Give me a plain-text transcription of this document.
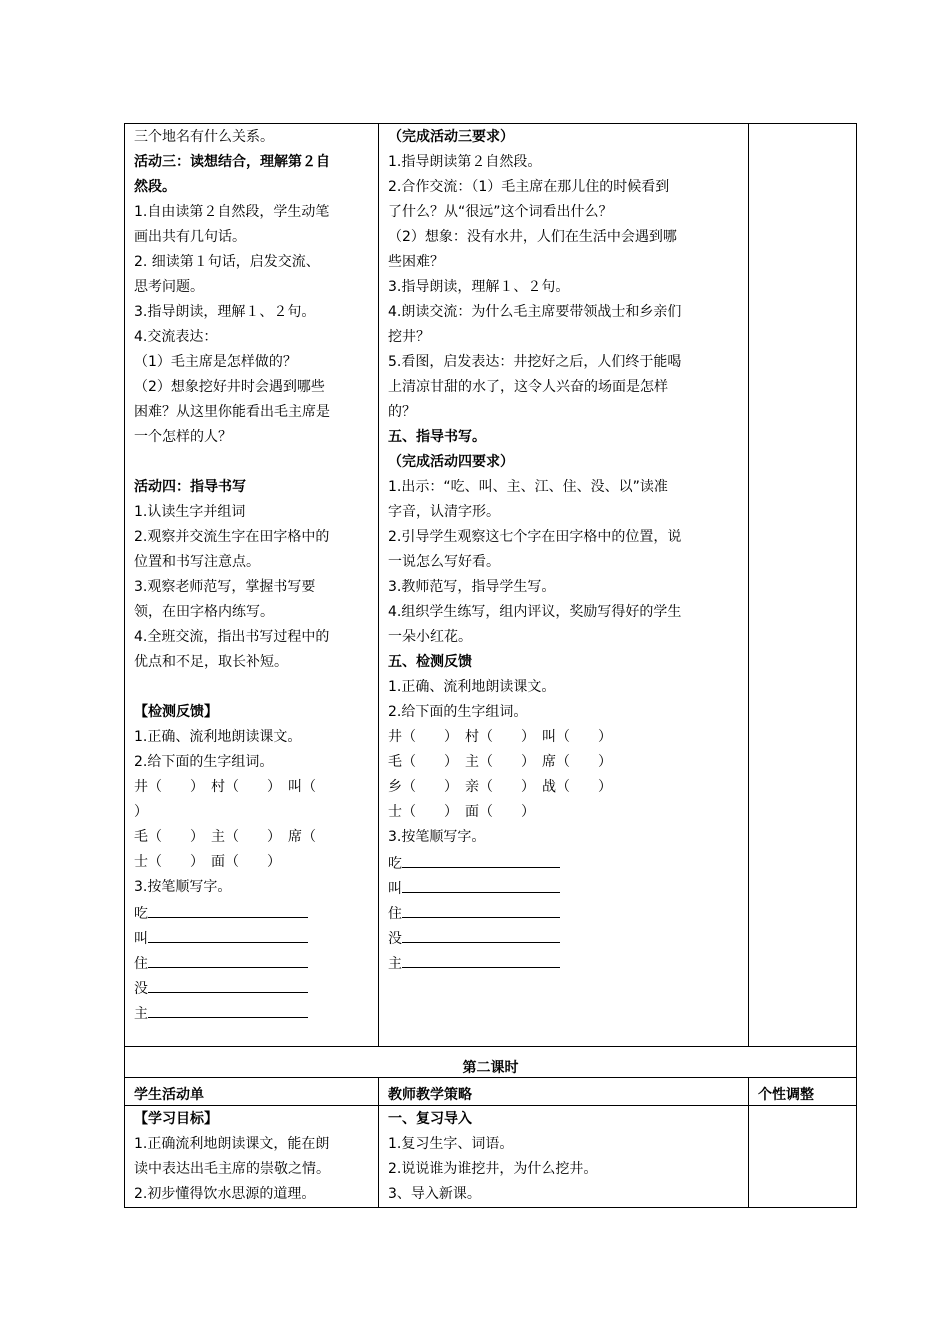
三个地名有什么关系。
活动三：读想结合，理解第２自
然段。
1.自由读第２自然段，学生动笔
画出共有几句话。
2. 细读第１句话，启发交流、
思考问题。
3.指导朗读，理解１、２句。
4.交流表达：
（1）毛主席是怎样做的？
（2）想象挖好井时会遇到哪些
困难？从这里你能看出毛主席是
一个怎样的人？
活动四：指导书写
1.认读生字并组词
2.观察并交流生字在田字格中的
位置和书写注意点。
3.观察老师范写，掌握书写要
领，在田字格内练写。
4.全班交流，指出书写过程中的
优点和不足，取长补短。
【检测反馈】
1.正确、流利地朗读课文。
2.给下面的生字组词。
井（　　）　村（　　）　叫（
）
毛（　　）　主（　　）　席（
士（　　）　面（　　）
3.按笔顺写字。
吃
叫
住
没
主
（完成活动三要求）
1.指导朗读第２自然段。
2.合作交流：（1）毛主席在那儿住的时候看到
了什么？从“很远”这个词看出什么？
（2）想象：没有水井，人们在生活中会遇到哪
些困难？
3.指导朗读，理解１、２句。
4.朗读交流：为什么毛主席要带领战士和乡亲们
挖井？
5.看图，启发表达：井挖好之后，人们终于能喝
上清凉甘甜的水了，这令人兴奋的场面是怎样
的？
五、指导书写。
（完成活动四要求）
1.出示：“吃、叫、主、江、住、没、以”读准
字音，认清字形。
2.引导学生观察这七个字在田字格中的位置，说
一说怎么写好看。
3.教师范写，指导学生写。
4.组织学生练写，组内评议，奖励写得好的学生
一朵小红花。
五、检测反馈
1.正确、流利地朗读课文。
2.给下面的生字组词。
井（　　）　村（　　）　叫（　　）
毛（　　）　主（　　）　席（　　）
乡（　　）　亲（　　）　战（　　）
士（　　）　面（　　）
3.按笔顺写字。
吃
叫
住
没
主
第二课时
学生活动单	教师教学策略	个性调整
【学习目标】
1.正确流利地朗读课文，能在朗
读中表达出毛主席的崇敬之情。
2.初步懂得饮水思源的道理。
一、复习导入
1.复习生字、词语。
2.说说谁为谁挖井，为什么挖井。
3、导入新课。
